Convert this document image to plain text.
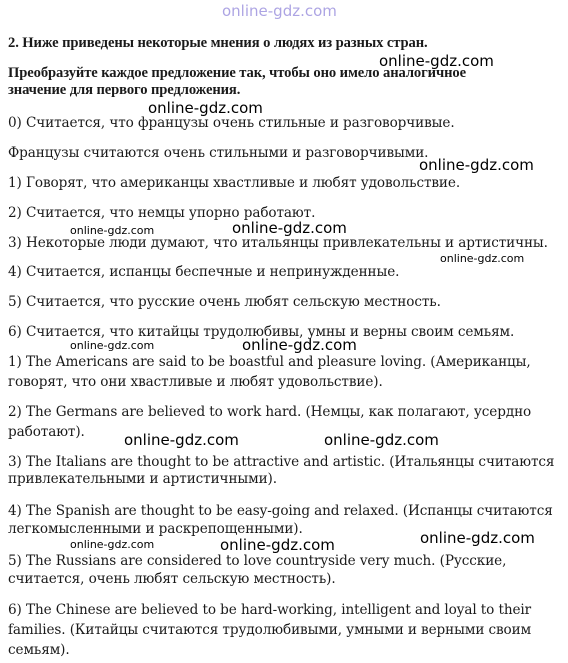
online-gdz.com
2. Ниже приведены некоторые мнения о людях из разных стран.
Преобразуйте каждое предложение так, чтобы оно имело аналогичное
значение для первого предложения.
0) Считается, что французы очень стильные и разговорчивые.
Французы считаются очень стильными и разговорчивыми.
1) Говорят, что американцы хвастливые и любят удовольствие.
2) Считается, что немцы упорно работают.
3) Некоторые люди думают, что итальянцы привлекательны и артистичны.
4) Считается, испанцы беспечные и непринужденные.
5) Считается, что русские очень любят сельскую местность.
6) Считается, что китайцы трудолюбивы, умны и верны своим семьям.
1) The Americans are said to be boastful and pleasure loving. (Американцы,
говорят, что они хвастливые и любят удовольствие).
2) The Germans are believed to work hard. (Немцы, как полагают, усердно
работают).
3) The Italians are thought to be attractive and artistic. (Итальянцы считаются
привлекательными и артистичными).
4) The Spanish are thought to be easy-going and relaxed. (Испанцы считаются
легкомысленными и раскрепощенными).
5) The Russians are considered to love countryside very much. (Русские,
считается, очень любят сельскую местность).
6) The Chinese are believed to be hard-working, intelligent and loyal to their
families. (Китайцы считаются трудолюбивыми, умными и верными своим
семьям).
online-gdz.com
online-gdz.com
online-gdz.com
online-gdz.com
online-gdz.com
online-gdz.com
online-gdz.com
online-gdz.com
online-gdz.com	online-gdz.com
online-gdz.com
online-gdz.com	online-gdz.com
